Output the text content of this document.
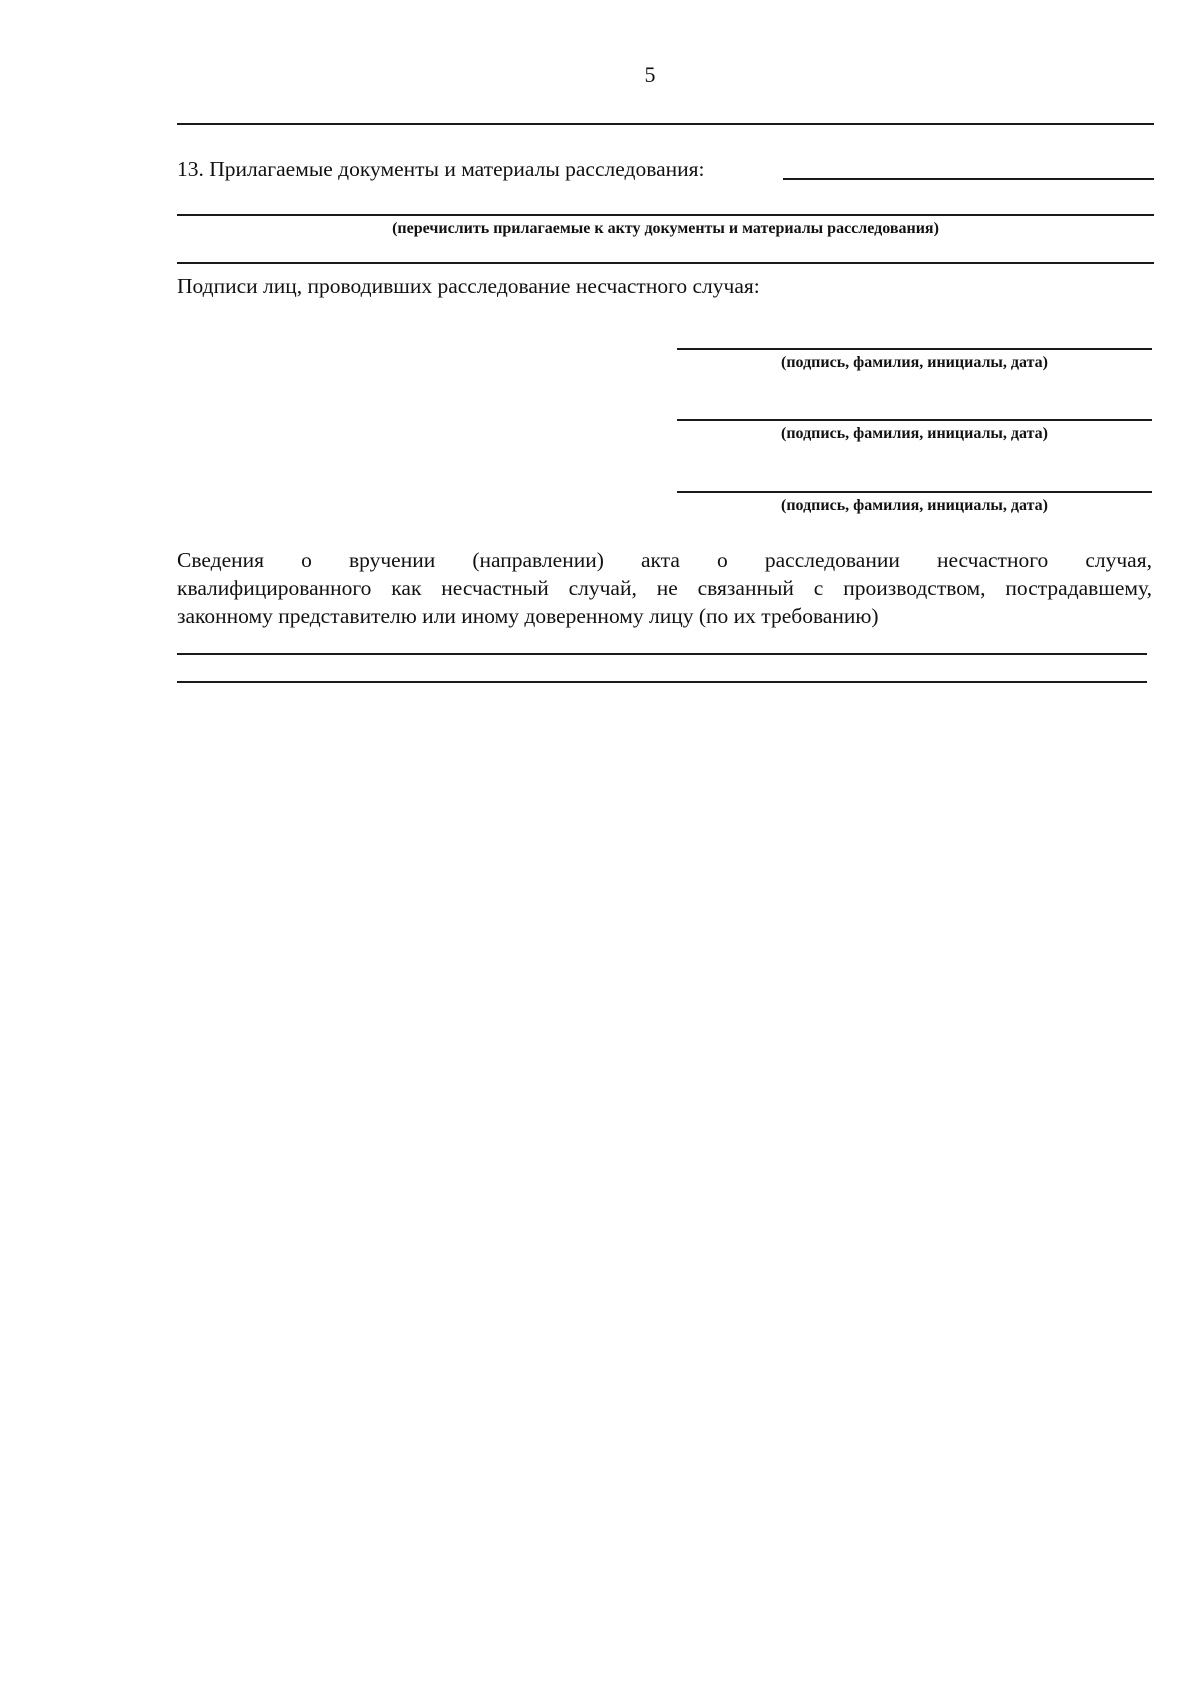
5
13. Прилагаемые документы и материалы расследования:
(перечислить прилагаемые к акту документы и материалы расследования)
Подписи лиц, проводивших расследование несчастного случая:
(подпись, фамилия, инициалы, дата)
(подпись, фамилия, инициалы, дата)
(подпись, фамилия, инициалы, дата)

Сведения о вручении (направлении) акта о расследовании несчастного случая,

квалифицированного как несчастный случай, не связанный с производством, пострадавшему,

законному представителю или иному доверенному лицу (по их требованию)
